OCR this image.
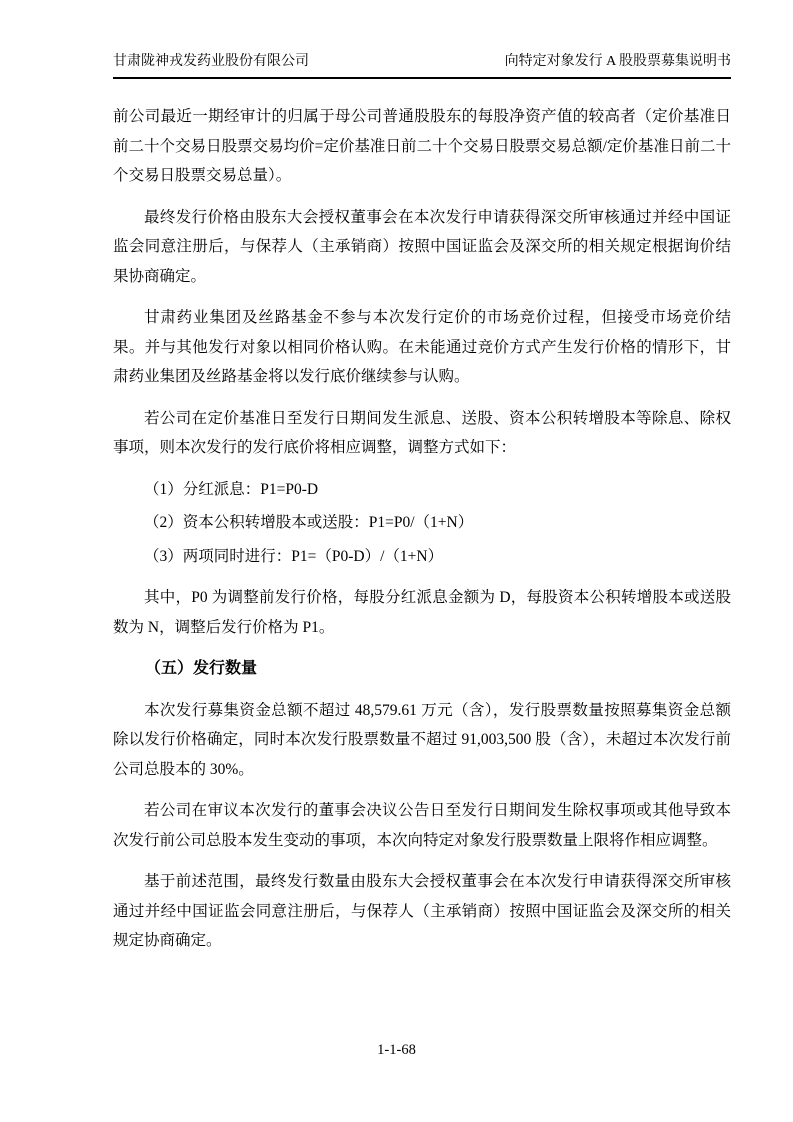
甘肃陇神戎发药业股份有限公司	向特定对象发行 A 股股票募集说明书

前公司最近一期经审计的归属于母公司普通股股东的每股净资产值的较高者（定价基准日前二十个交易日股票交易均价=定价基准日前二十个交易日股票交易总额/定价基准日前二十个交易日股票交易总量）。

最终发行价格由股东大会授权董事会在本次发行申请获得深交所审核通过并经中国证监会同意注册后，与保荐人（主承销商）按照中国证监会及深交所的相关规定根据询价结果协商确定。

甘肃药业集团及丝路基金不参与本次发行定价的市场竞价过程，但接受市场竞价结果。并与其他发行对象以相同价格认购。在未能通过竞价方式产生发行价格的情形下，甘肃药业集团及丝路基金将以发行底价继续参与认购。

若公司在定价基准日至发行日期间发生派息、送股、资本公积转增股本等除息、除权事项，则本次发行的发行底价将相应调整，调整方式如下：

（1）分红派息：P1=P0-D

（2）资本公积转增股本或送股：P1=P0/（1+N）

（3）两项同时进行：P1=（P0-D）/（1+N）

其中，P0 为调整前发行价格，每股分红派息金额为 D，每股资本公积转增股本或送股数为 N，调整后发行价格为 P1。

（五）发行数量

本次发行募集资金总额不超过 48,579.61 万元（含），发行股票数量按照募集资金总额除以发行价格确定，同时本次发行股票数量不超过 91,003,500 股（含），未超过本次发行前公司总股本的 30%。

若公司在审议本次发行的董事会决议公告日至发行日期间发生除权事项或其他导致本次发行前公司总股本发生变动的事项，本次向特定对象发行股票数量上限将作相应调整。

基于前述范围，最终发行数量由股东大会授权董事会在本次发行申请获得深交所审核通过并经中国证监会同意注册后，与保荐人（主承销商）按照中国证监会及深交所的相关规定协商确定。

1-1-68
